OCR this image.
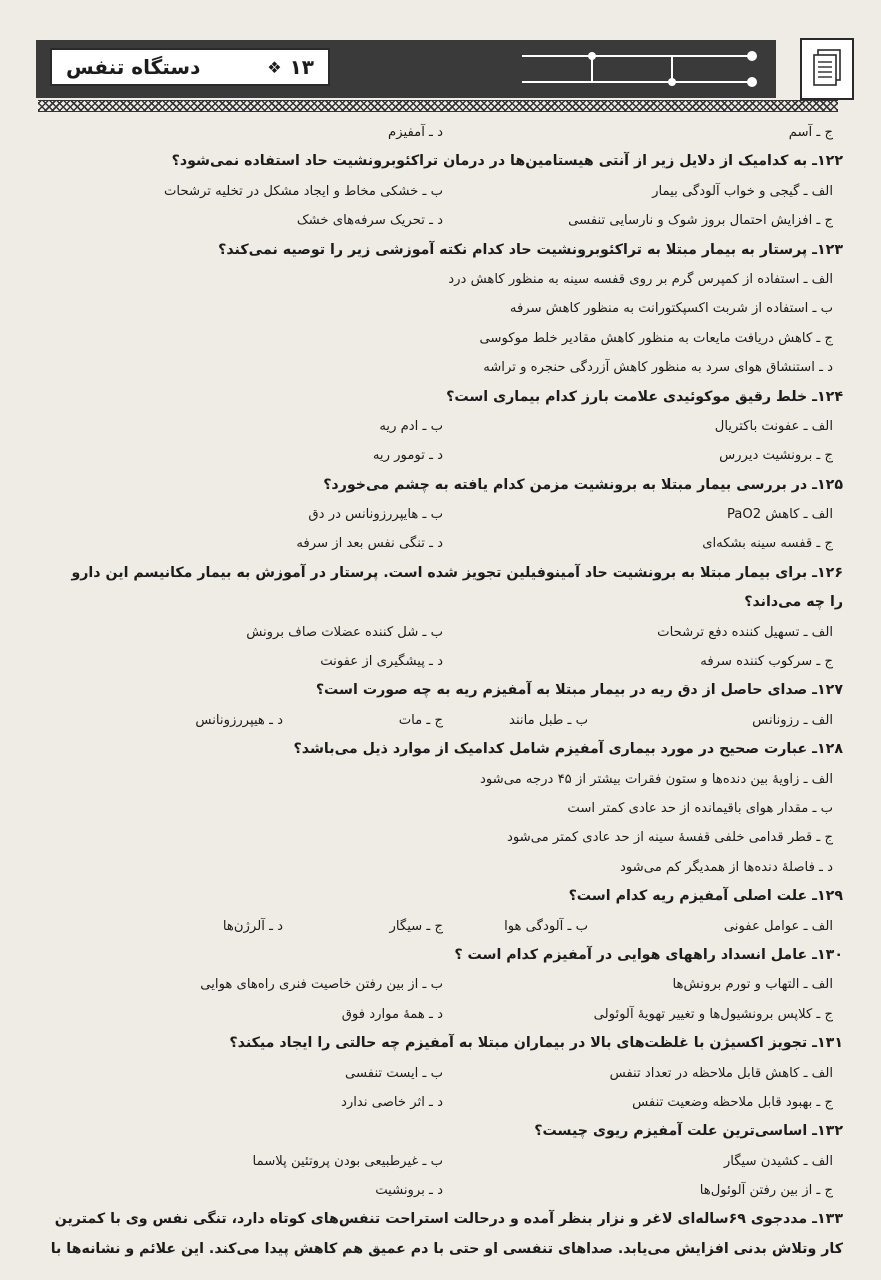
۱۳
❖
دستگاه تنفس
ج ـ آسم
د ـ آمفیزم
۱۲۲ـ به کدامیک از دلایل زیر از آنتی هیستامین‌ها در درمان تراکئوبرونشیت حاد استفاده نمی‌شود؟
الف ـ گیجی و خواب آلودگی بیمار
ب ـ خشکی مخاط و ایجاد مشکل در تخلیه ترشحات
ج ـ افزایش احتمال بروز شوک و نارسایی تنفسی
د ـ تحریک سرفه‌های خشک
۱۲۳ـ پرستار به بیمار مبتلا به تراکئوبرونشیت حاد کدام نکته آموزشی زیر را توصیه نمی‌کند؟
الف ـ استفاده از کمپرس گرم بر روی قفسه سینه به منظور کاهش درد
ب ـ استفاده از شربت اکسپکتورانت به منظور کاهش سرفه
ج ـ کاهش دریافت مایعات به منظور کاهش مقادیر خلط موکوسی
د ـ استنشاق هوای سرد به منظور کاهش آزردگی حنجره و تراشه
۱۲۴ـ خلط رقیق موکوئیدی علامت بارز کدام بیماری است؟
الف ـ عفونت باکتریال
ب ـ ادم ریه
ج ـ برونشیت دیررس
د ـ تومور ریه
۱۲۵ـ در بررسی بیمار مبتلا به برونشیت مزمن کدام یافته به چشم می‌خورد؟
الف ـ کاهش PaO2
ب ـ هایپررزونانس در دق
ج ـ قفسه سینه بشکه‌ای
د ـ تنگی نفس بعد از سرفه
۱۲۶ـ برای بیمار مبتلا به برونشیت حاد آمینوفیلین تجویز شده است. پرستار در آموزش به بیمار مکانیسم این دارو
را چه می‌داند؟
الف ـ تسهیل کننده دفع ترشحات
ب ـ شل کننده عضلات صاف برونش
ج ـ سرکوب کننده سرفه
د ـ پیشگیری از عفونت
۱۲۷ـ صدای حاصل از دق ریه در بیمار مبتلا به آمفیزم ریه به چه صورت است؟
الف ـ رزونانس
ب ـ طبل مانند
ج ـ مات
د ـ هیپررزونانس
۱۲۸ـ عبارت صحیح در مورد بیماری آمفیزم شامل کدامیک از موارد ذیل می‌باشد؟
الف ـ زاویهٔ بین دنده‌ها و ستون فقرات بیشتر از ۴۵ درجه می‌شود
ب ـ مقدار هوای باقیمانده از حد عادی کمتر است
ج ـ قطر قدامی خلفی قفسهٔ سینه از حد عادی کمتر می‌شود
د ـ فاصلهٔ دنده‌ها از همدیگر کم می‌شود
۱۲۹ـ علت اصلی آمفیزم ریه کدام است؟
الف ـ عوامل عفونی
ب ـ آلودگی هوا
ج ـ سیگار
د ـ آلرژن‌ها
۱۳۰ـ عامل انسداد راههای هوایی در آمفیزم کدام است ؟
الف ـ التهاب و تورم برونش‌ها
ب ـ از بین رفتن خاصیت فنری راه‌های هوایی
ج ـ کلاپس برونشیول‌ها و تغییر تهویهٔ آلوئولی
د ـ همهٔ موارد فوق
۱۳۱ـ تجویز اکسیژن با غلظت‌های بالا در بیماران مبتلا به آمفیزم چه حالتی را ایجاد میکند؟
الف ـ کاهش قابل ملاحظه در تعداد تنفس
ب ـ ایست تنفسی
ج ـ بهبود قابل ملاحظه وضعیت تنفس
د ـ اثر خاصی ندارد
۱۳۲ـ اساسی‌ترین علت آمفیزم ریوی چیست؟
الف ـ کشیدن سیگار
ب ـ غیرطبیعی بودن پروتئین پلاسما
ج ـ از بین رفتن آلوئول‌ها
د ـ برونشیت
۱۳۳ـ مددجوی ۶۹ساله‌ای لاغر و نزار بنظر آمده و درحالت استراحت تنفس‌های کوتاه دارد، تنگی نفس وی با کمترین
کار وتلاش بدنی افزایش می‌یابد. صداهای تنفسی او حتی با دم عمیق هم کاهش پیدا می‌کند. این علائم و نشانه‌ها با
